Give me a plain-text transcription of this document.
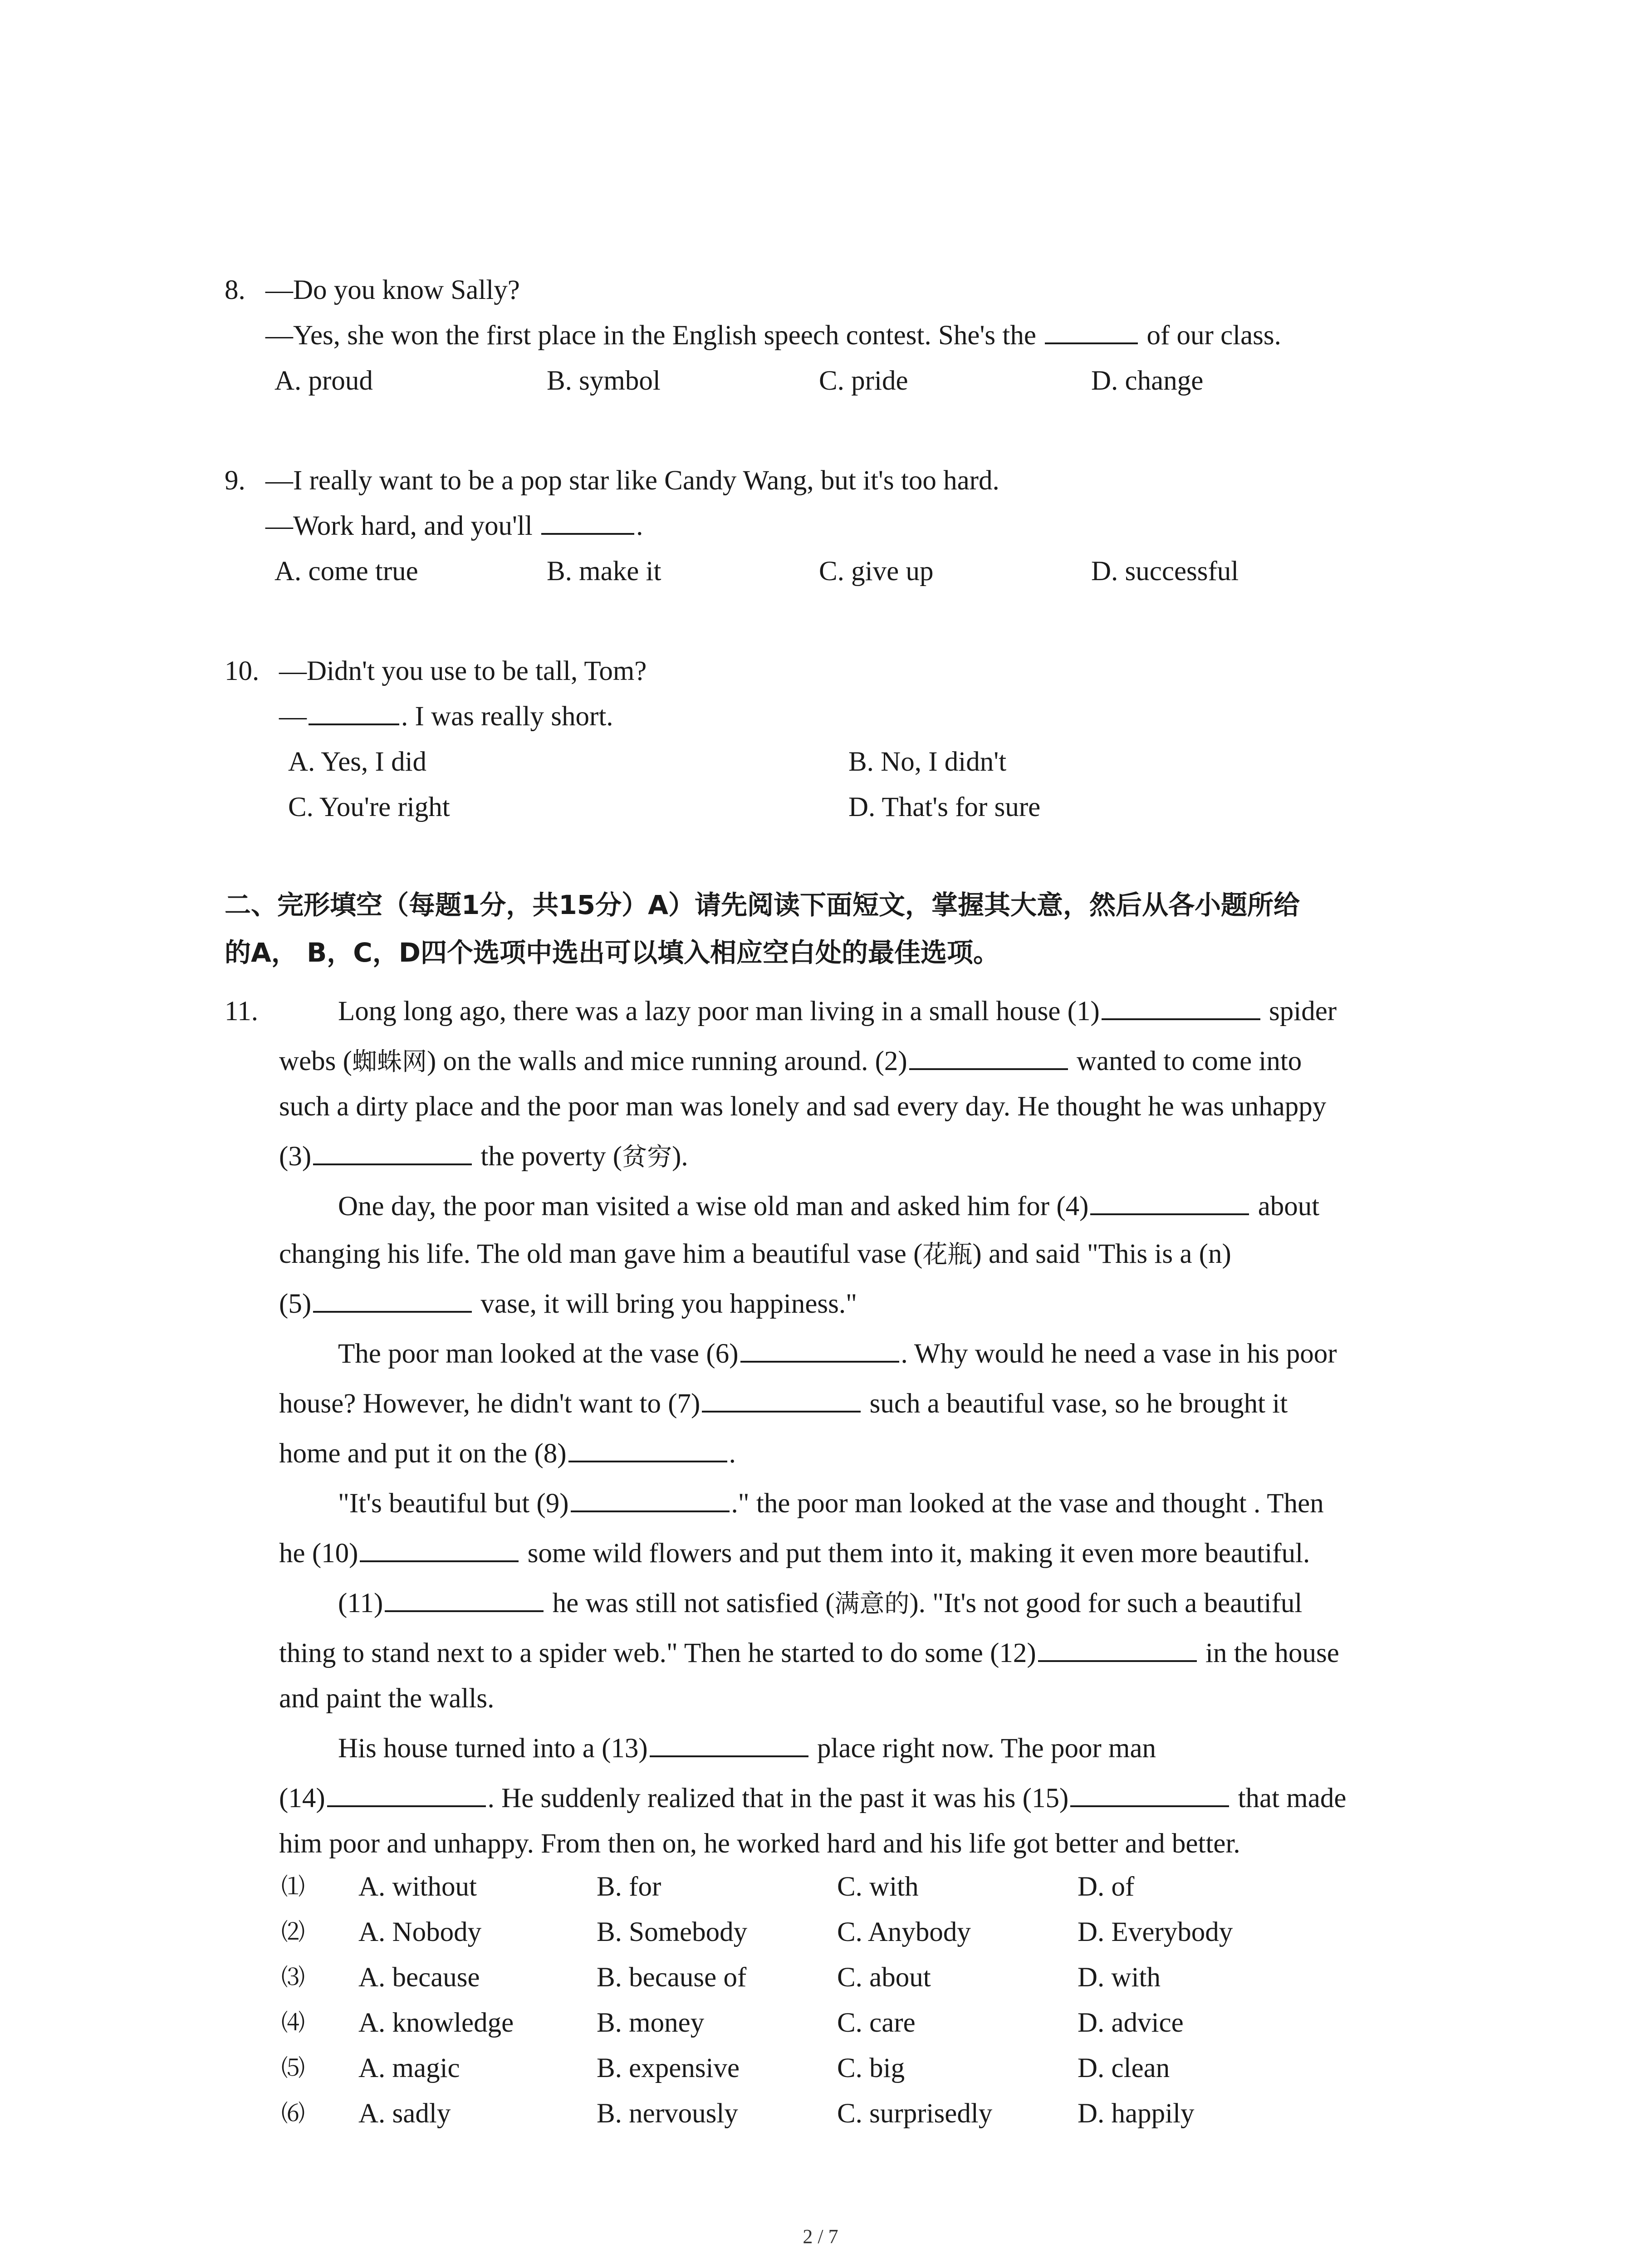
8. —Do you know Sally?
—Yes, she won the first place in the English speech contest. She's the	of our class.
A. proud	B. symbol	C. pride	D. change
9. —I really want to be a pop star like Candy Wang, but it's too hard.
—Work hard, and you'll	.
A. come true	B. make it	C. give up	D. successful
10. —Didn't you use to be tall, Tom?
—	. I was really short.
A. Yes, I did	B. No, I didn't
C. You're right	D. That's for sure
二、完形填空（每题1分，共15分）A）请先阅读下面短文，掌握其大意，然后从各小题所给
的A， B，C，D四个选项中选出可以填入相应空白处的最佳选项。
11.	Long long ago, there was a lazy poor man living in a small house (1)	spider
webs (蜘蛛网) on the walls and mice running around. (2)	wanted to come into
such a dirty place and the poor man was lonely and sad every day. He thought he was unhappy
(3)	the poverty (贫穷).
One day, the poor man visited a wise old man and asked him for (4)	about
changing his life. The old man gave him a beautiful vase (花瓶) and said "This is a (n)
(5)	vase, it will bring you happiness."
The poor man looked at the vase (6)	. Why would he need a vase in his poor
house? However, he didn't want to (7)	such a beautiful vase, so he brought it
home and put it on the (8)	.
"It's beautiful but (9)	." the poor man looked at the vase and thought . Then
he (10)	some wild flowers and put them into it, making it even more beautiful.
(11)	he was still not satisfied (满意的). "It's not good for such a beautiful
thing to stand next to a spider web." Then he started to do some (12)	in the house
and paint the walls.
His house turned into a (13)	place right now. The poor man
(14)	. He suddenly realized that in the past it was his (15)	that made
him poor and unhappy. From then on, he worked hard and his life got better and better.
⑴ A. without	B. for	C. with	D. of
⑵ A. Nobody	B. Somebody	C. Anybody	D. Everybody
⑶ A. because	B. because of	C. about	D. with
⑷ A. knowledge	B. money	C. care	D. advice
⑸ A. magic	B. expensive	C. big	D. clean
⑹ A. sadly	B. nervously	C. surprisedly	D. happily
2 / 7
